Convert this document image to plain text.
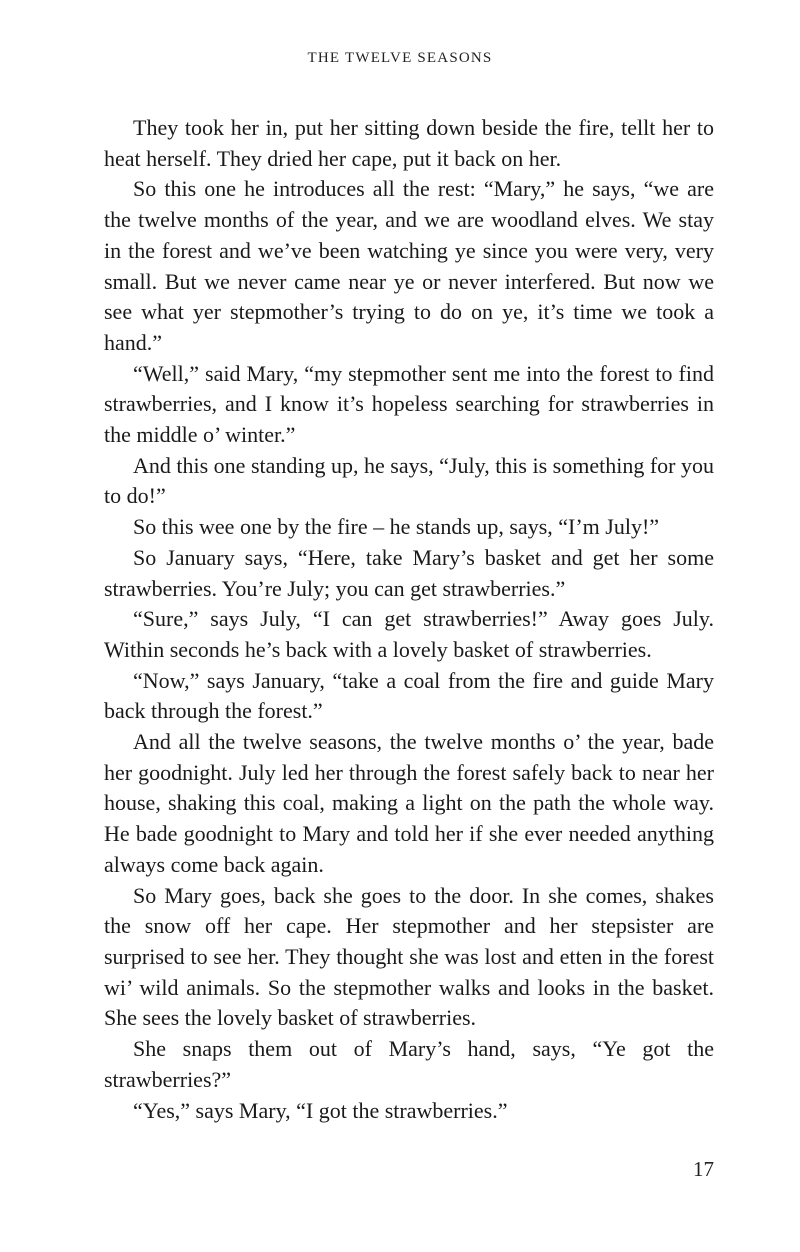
THE TWELVE SEASONS

They took her in, put her sitting down beside the fire, tellt her to heat herself. They dried her cape, put it back on her.

So this one he introduces all the rest: “Mary,” he says, “we are the twelve months of the year, and we are woodland elves. We stay in the forest and we’ve been watching ye since you were very, very small. But we never came near ye or never interfered. But now we see what yer stepmother’s trying to do on ye, it’s time we took a hand.”

“Well,” said Mary, “my stepmother sent me into the forest to find strawberries, and I know it’s hopeless searching for strawberries in the middle o’ winter.”

And this one standing up, he says, “July, this is something for you to do!”

So this wee one by the fire – he stands up, says, “I’m July!”

So January says, “Here, take Mary’s basket and get her some strawberries. You’re July; you can get strawberries.”

“Sure,” says July, “I can get strawberries!” Away goes July. Within seconds he’s back with a lovely basket of strawberries.

“Now,” says January, “take a coal from the fire and guide Mary back through the forest.”

And all the twelve seasons, the twelve months o’ the year, bade her goodnight. July led her through the forest safely back to near her house, shaking this coal, making a light on the path the whole way. He bade goodnight to Mary and told her if she ever needed anything always come back again.

So Mary goes, back she goes to the door. In she comes, shakes the snow off her cape. Her stepmother and her stepsister are surprised to see her. They thought she was lost and etten in the forest wi’ wild animals. So the stepmother walks and looks in the basket. She sees the lovely basket of strawberries.

She snaps them out of Mary’s hand, says, “Ye got the strawberries?”

“Yes,” says Mary, “I got the strawberries.”

17
